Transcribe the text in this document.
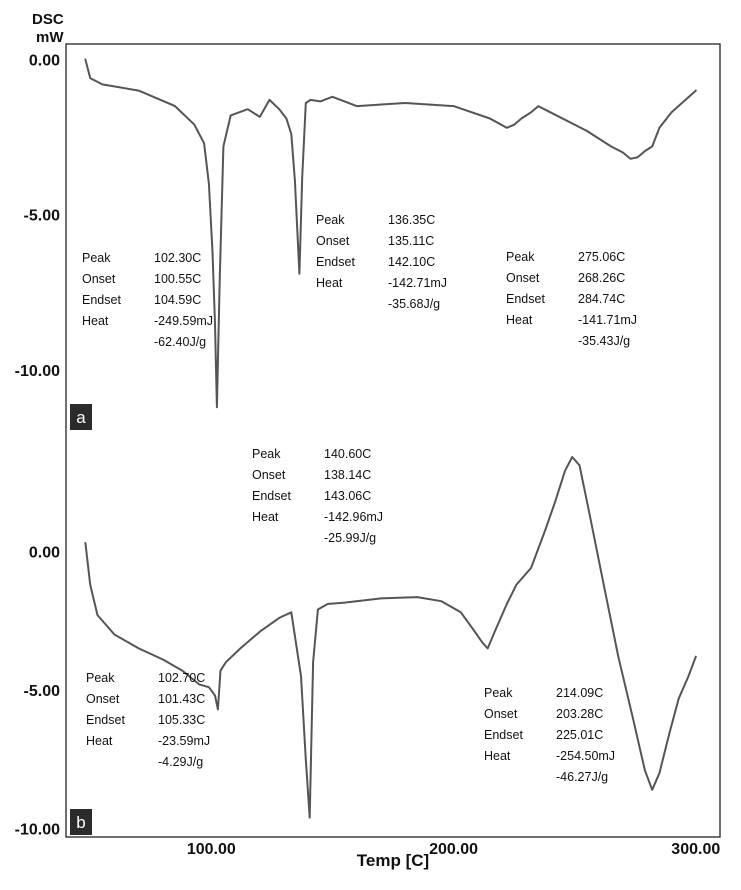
DSC
mW
Temp [C]
100.00	200.00	300.00
0.00
-5.00
-10.00
Peak	102.30C
Onset	100.55C
Endset	104.59C
Heat	-249.59mJ
-62.40J/g
Peak	136.35C
Onset	135.11C
Endset	142.10C
Heat	-142.71mJ
-35.68J/g
Peak	275.06C
Onset	268.26C
Endset	284.74C
Heat	-141.71mJ
-35.43J/g
a
0.00
-5.00
-10.00
Peak	102.70C
Onset	101.43C
Endset	105.33C
Heat	-23.59mJ
-4.29J/g
Peak	140.60C
Onset	138.14C
Endset	143.06C
Heat	-142.96mJ
-25.99J/g
Peak	214.09C
Onset	203.28C
Endset	225.01C
Heat	-254.50mJ
-46.27J/g
b
